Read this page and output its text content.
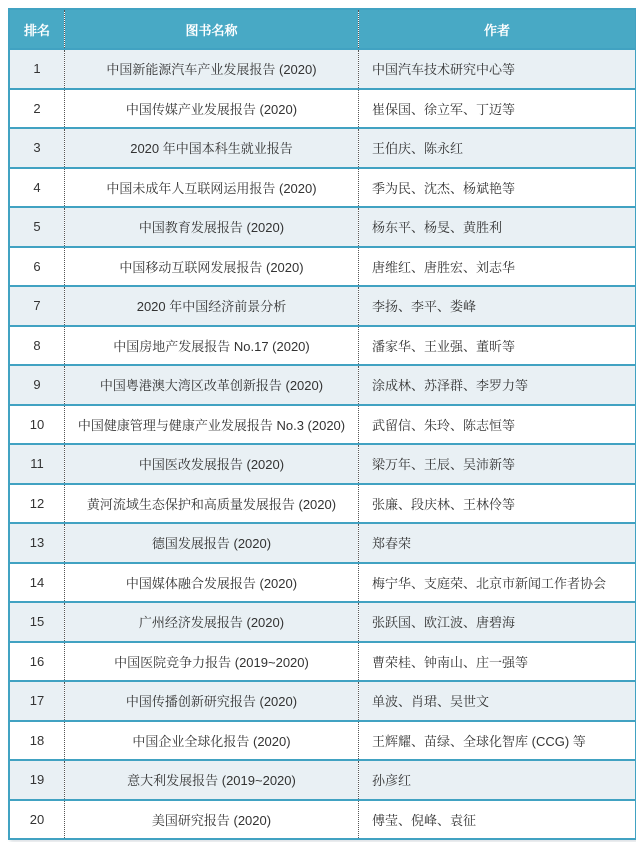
排名	图书名称	作者
1	中国新能源汽车产业发展报告 (2020)	中国汽车技术研究中心等
2	中国传媒产业发展报告 (2020)	崔保国、徐立军、丁迈等
3	2020 年中国本科生就业报告	王伯庆、陈永红
4	中国未成年人互联网运用报告 (2020)	季为民、沈杰、杨斌艳等
5	中国教育发展报告 (2020)	杨东平、杨旻、黄胜利
6	中国移动互联网发展报告 (2020)	唐维红、唐胜宏、刘志华
7	2020 年中国经济前景分析	李扬、李平、娄峰
8	中国房地产发展报告 No.17 (2020)	潘家华、王业强、董昕等
9	中国粤港澳大湾区改革创新报告 (2020)	涂成林、苏泽群、李罗力等
10	中国健康管理与健康产业发展报告 No.3 (2020)	武留信、朱玲、陈志恒等
11	中国医改发展报告 (2020)	梁万年、王辰、吴沛新等
12	黄河流域生态保护和高质量发展报告 (2020)	张廉、段庆林、王林伶等
13	德国发展报告 (2020)	郑春荣
14	中国媒体融合发展报告 (2020)	梅宁华、支庭荣、北京市新闻工作者协会
15	广州经济发展报告 (2020)	张跃国、欧江波、唐碧海
16	中国医院竞争力报告 (2019~2020)	曹荣桂、钟南山、庄一强等
17	中国传播创新研究报告 (2020)	单波、肖珺、吴世文
18	中国企业全球化报告 (2020)	王辉耀、苗绿、全球化智库 (CCG) 等
19	意大利发展报告 (2019~2020)	孙彦红
20	美国研究报告 (2020)	傅莹、倪峰、袁征
